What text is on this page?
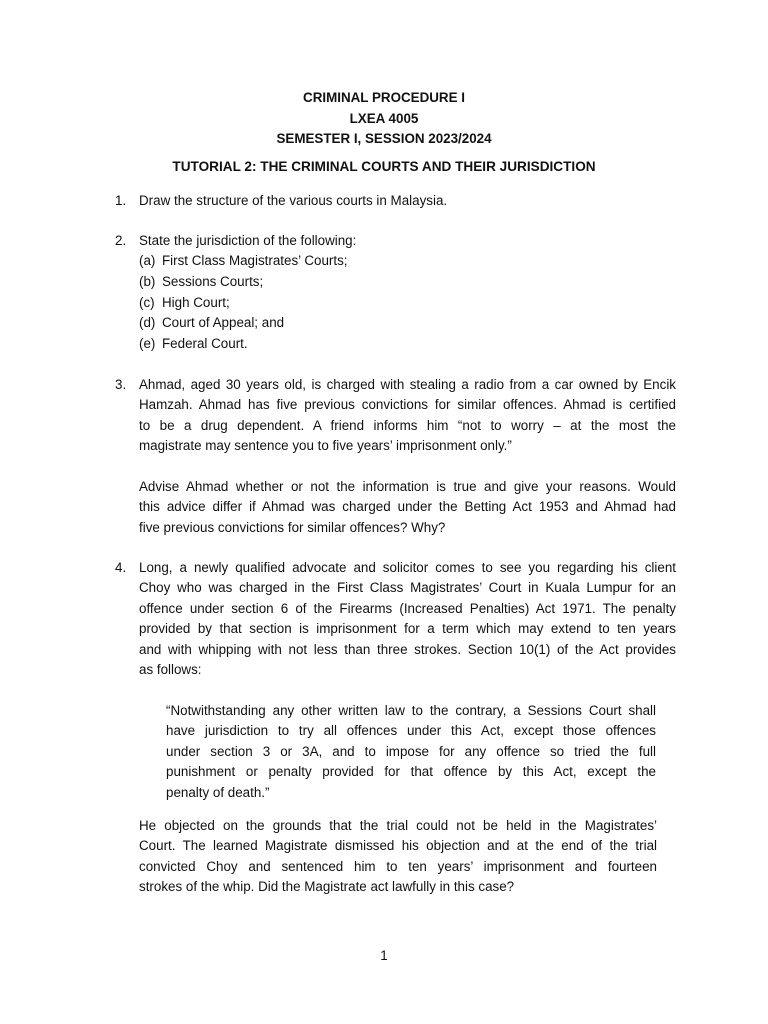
CRIMINAL PROCEDURE I
LXEA 4005
SEMESTER I, SESSION 2023/2024
TUTORIAL 2: THE CRIMINAL COURTS AND THEIR JURISDICTION
1. Draw the structure of the various courts in Malaysia.
2. State the jurisdiction of the following:
(a) First Class Magistrates’ Courts;
(b) Sessions Courts;
(c) High Court;
(d) Court of Appeal; and
(e) Federal Court.
3. Ahmad, aged 30 years old, is charged with stealing a radio from a car owned by Encik
Hamzah. Ahmad has five previous convictions for similar offences. Ahmad is certified
to be a drug dependent. A friend informs him “not to worry – at the most the
magistrate may sentence you to five years’ imprisonment only.”
Advise Ahmad whether or not the information is true and give your reasons. Would
this advice differ if Ahmad was charged under the Betting Act 1953 and Ahmad had
five previous convictions for similar offences? Why?
4. Long, a newly qualified advocate and solicitor comes to see you regarding his client
Choy who was charged in the First Class Magistrates’ Court in Kuala Lumpur for an
offence under section 6 of the Firearms (Increased Penalties) Act 1971. The penalty
provided by that section is imprisonment for a term which may extend to ten years
and with whipping with not less than three strokes. Section 10(1) of the Act provides
as follows:
“Notwithstanding any other written law to the contrary, a Sessions Court shall
have jurisdiction to try all offences under this Act, except those offences
under section 3 or 3A, and to impose for any offence so tried the full
punishment or penalty provided for that offence by this Act, except the
penalty of death.”
He objected on the grounds that the trial could not be held in the Magistrates’
Court. The learned Magistrate dismissed his objection and at the end of the trial
convicted Choy and sentenced him to ten years’ imprisonment and fourteen
strokes of the whip. Did the Magistrate act lawfully in this case?
1
